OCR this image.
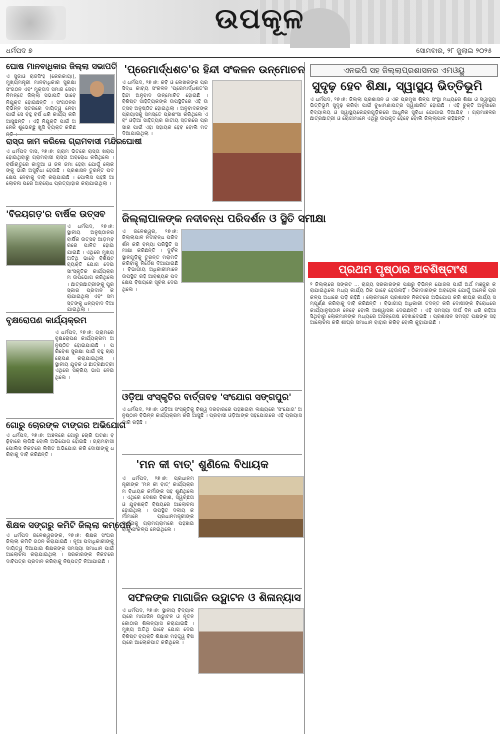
ଉପକୂଳ
ଧର୍ମପଦ ୭	ସୋମବାର, ୨୮ ଜୁଲାଇ ୨୦୨୫
ଘୋଷ ମାନବାଧିକାର ଜିଲ୍ଲା ସଭାପତି
ଏ ସୁଜାଓ ରାଜସିଂହ (କେରକାୟା), ମୁଖ୍ୟମନ୍ତ୍ରୀ ମାନବାଧିକାର ସୁରକ୍ଷା ସଂଗଠନ ଏବଂ ମୁକ୍ତାଦ ସମାଜ ସେବା ନିମନ୍ତେ ଜିଲ୍ଲା ସଭାପତି ଭାବେ ନିଯୁକ୍ତ ହୋଇଛନ୍ତି । ସଂଗଠନର ବିଭିନ୍ନ ସ୍ତରରେ ଦାୟିତ୍ୱ ନେବା ପାଇଁ ସେ ବହୁ ବର୍ଷ ଧରି କାର୍ଯ୍ୟ କରି ଆସୁଛନ୍ତି । ଏହି ନିଯୁକ୍ତି ପାଇଁ ଅନେକ ଶୁଭେଚ୍ଛୁ ଖୁସି ବ୍ୟକ୍ତ କରିଛନ୍ତି ।
ରାସ୍ତା ଜାମ କରିଲେ ଗ୍ରାମବାସୀ ମନ୍ଦିରଘୋଷୀ
ଏ ଧର୍ମପଦ ଦାସ, ୨୭।୭: ଗ୍ରାମ ଭିତରେ ରାସ୍ତା ଖରାପ ହୋଇଥିବାରୁ ଗ୍ରାମବାସୀ ରାସ୍ତା ଅବରୋଧ କରିଥିଲେ । ବର୍ଷାଋତୁରେ କାଦୁଆ ଓ ଜଳ ଜମା ହେବା ଯୋଗୁଁ ଲୋକଙ୍କୁ ଭାରି ଅସୁବିଧା ହେଉଛି । ପ୍ରଶାସନ ତୁରନ୍ତ ପଦକ୍ଷେପ ନେବାକୁ ଦାବି କରାଯାଇଛି । ପୋଲିସ ପହଞ୍ଚି ଆଲୋଚନା ପରେ ଅବରୋଧ ପ୍ରତ୍ୟାହାର କରାଯାଇଥିଲା ।
'ବିଜୟଗଡ଼'ର ବାର୍ଷିକ ଉତ୍ସବ
ଏ ଧର୍ମପଦ, ୨୭।୭: ସ୍ଥାନୀୟ ଅନୁଷ୍ଠାନର ବାର୍ଷିକ ଉତ୍ସବ ଆଡ଼ମ୍ବରରେ ପାଳିତ ହୋଇଯାଇଛି । ଏଥିରେ ମୁଖ୍ୟ ଅତିଥି ଭାବେ ବିଶିଷ୍ଟ ବ୍ୟକ୍ତି ଯୋଗ ଦେଇ ସାଂସ୍କୃତିକ କାର୍ଯ୍ୟକ୍ରମ ଉପଭୋଗ କରିଥିଲେ । ଛାତ୍ରଛାତ୍ରୀଙ୍କୁ ପୁରସ୍କାର ପ୍ରଦାନ କରାଯାଇଥିଲା ଏବଂ ସମସ୍ତଙ୍କୁ ଧନ୍ୟବାଦ ଦିଆଯାଇଥିଲା ।
ବୃକ୍ଷରୋପଣ କାର୍ଯ୍ୟକ୍ରମ
ଏ ଧର୍ମପଦ, ୨୭।୭: ଗ୍ରାମରେ ବୃକ୍ଷରୋପଣ କାର୍ଯ୍ୟକ୍ରମ ଅନୁଷ୍ଠିତ ହୋଇଯାଇଛି । ପରିବେଶ ସୁରକ୍ଷା ପାଇଁ ବହୁ ଚାରା ରୋପଣ କରାଯାଇଥିଲା । ସ୍ଥାନୀୟ ଯୁବକ ଓ ଛାତ୍ରଛାତ୍ରୀ ଏଥିରେ ସକ୍ରିୟ ଭାଗ ନେଇଥିଲେ ।
ଗୋରୁ ଚୋରଙ୍କ ଟାଙ୍ଗର ଅଭିଯୋଗ
ଏ ଧର୍ମପଦ, ୨୭।୭: ଅଞ୍ଚଳରେ ଗୋରୁ ଚୋରି ଘଟଣା ବଢ଼ିବାରେ ଲାଗିଛି ବୋଲି ଅଭିଯୋଗ ହୋଇଛି । ଗ୍ରାମବାସୀ ପୋଲିସ ନିକଟରେ ଲିଖିତ ଅଭିଯୋଗ କରି ଦୋଷୀଙ୍କୁ ଧରିବାକୁ ଦାବି କରିଛନ୍ତି ।
ଶିକ୍ଷକ ସଙ୍ଗରୁ କମିଟି ଜିଲ୍ଲା କମ୍ପେନ୍
ଏ ଧର୍ମପଦ ଜଳେଶ୍ୱରଙ୍କ, ୨୭।୭: ଶିକ୍ଷକ ସଂଘର ଜିଲ୍ଲା କମିଟି ଗଠନ କରାଯାଇଛି । ନୂଆ ପଦାଧିକାରୀଙ୍କୁ ଦାୟିତ୍ୱ ଦିଆଯାଇ ଶିକ୍ଷକଙ୍କ ସମସ୍ୟା ସମାଧାନ ପାଇଁ ଆଲୋଚନା କରାଯାଇଥିଲା । ସରକାରଙ୍କ ନିକଟରେ ଦାବିପତ୍ର ପ୍ରଦାନ କରିବାକୁ ନିଷ୍ପତ୍ତି ନିଆଯାଇଛି ।
'ପ୍ରେମାର୍ଦ୍ଧଶତ'ର ହିନ୍ଦୀ ସଂକଳନ ଉନ୍ମୋଚନ
ଏ ଧର୍ମପଦ, ୨୭।୭: କବି ଓ ଲେଖକଙ୍କ ପ୍ରସିଦ୍ଧ କାବ୍ୟ ସଂକଳନ 'ପ୍ରେମାର୍ଦ୍ଧଶତ'ର ହିନ୍ଦୀ ଅନୁବାଦ ଉନ୍ମୋଚିତ ହୋଇଛି । ବିଶିଷ୍ଟ ସାହିତ୍ୟିକଙ୍କ ଉପସ୍ଥିତିରେ ଏହି ଉତ୍ସବ ଅନୁଷ୍ଠିତ ହୋଇଥିଲା । ଅନୁବାଦକଙ୍କ ପ୍ରୟାସକୁ ସମସ୍ତେ ପ୍ରଶଂସା କରିଥିଲେ ଏବଂ ଓଡ଼ିଆ ସାହିତ୍ୟର ଜାତୀୟ ସ୍ତରରେ ପ୍ରସାର ପାଇଁ ଏହା ସହାୟକ ହେବ ବୋଲି ମତ ଦିଆଯାଇଥିଲା ।
ଜିଲ୍ଲାପାଳଙ୍କ ନଦୀବନ୍ଧ ପରିଦର୍ଶନ ଓ ସ୍ଥିତି ସମୀକ୍ଷା
ଏ ଜଳେଶ୍ୱର, ୨୭।୭: ଜିଲ୍ଲାପାଳ ନଦୀବନ୍ଧ ପରିଦର୍ଶନ କରି ବନ୍ୟା ପରିସ୍ଥିତି ସମୀକ୍ଷା କରିଛନ୍ତି । ଦୁର୍ବଳ ସ୍ଥାନଗୁଡ଼ିକୁ ତୁରନ୍ତ ମରାମତି କରିବାକୁ ନିର୍ଦ୍ଦେଶ ଦିଆଯାଇଛି । ବିଭାଗୀୟ ଅଧିକାରୀମାନେ ଉପସ୍ଥିତ ରହି ଆବଶ୍ୟକ ପଦକ୍ଷେପ ବିଷୟରେ ସୂଚନା ଦେଇଥିଲେ ।
ଓଡ଼ିଆ ସଂସ୍କୃତିର ବାର୍ତ୍ତାବହ 'ସଂଯୋଗ ସଙ୍ଗପୁର'
ଏ ଧର୍ମପଦ, ୨୭।୭: ଓଡ଼ିଆ ସଂସ୍କୃତିକୁ ବିଶ୍ୱ ଦରବାରରେ ପହଞ୍ଚାଇବା ଲକ୍ଷ୍ୟରେ 'ସଂଯୋଗ' ଅନୁଷ୍ଠାନ ବିଭିନ୍ନ କାର୍ଯ୍ୟକ୍ରମ କରି ଆସୁଛି । ପ୍ରବାସୀ ଓଡ଼ିଆଙ୍କ ସହଯୋଗରେ ଏହି ପ୍ରୟାସ ଜାରି ରହିଛି ।
'ମନ କୀ ବାତ୍' ଶୁଣିଲେ ବିଧାୟକ
ଏ ଧର୍ମପଦ, ୨୭।୭: ପ୍ରଧାନମନ୍ତ୍ରୀଙ୍କ 'ମନ କୀ ବାତ୍' କାର୍ଯ୍ୟକ୍ରମ ବିଧାୟକ କର୍ମୀଙ୍କ ସହ ଶୁଣିଥିଲେ । ଏଥିରେ ଦେଶର ବିକାଶ, ସ୍ୱଚ୍ଛତା ଓ ଯୁବଶକ୍ତି ବିଷୟରେ ଆଲୋଚନା ହୋଇଥିଲା । ଉପସ୍ଥିତ ଦଳୀୟ କର୍ମୀମାନେ ପ୍ରଧାନମନ୍ତ୍ରୀଙ୍କ ବାର୍ତ୍ତାକୁ ଗ୍ରାମଗ୍ରାମରେ ପହଞ୍ଚାଇବାକୁ ସଂକଳ୍ପ ନେଇଥିଲେ ।
ସଫଳଙ୍କ ମାଗାଜିନ ଉଦ୍ଘାଟନ ଓ ଶିଳାନ୍ୟାସ
ଏ ଧର୍ମପଦ, ୨୭।୭: ସ୍ଥାନୀୟ ବିଦ୍ୟାଳୟରେ ମାଗାଜିନ ଉଦ୍ଘାଟନ ଓ ନୂତନ କୋଠାର ଶିଳାନ୍ୟାସ କରାଯାଇଛି । ମୁଖ୍ୟ ଅତିଥି ଭାବେ ଯୋଗ ଦେଇ ବିଶିଷ୍ଟ ବ୍ୟକ୍ତି ଶିକ୍ଷାର ମହତ୍ତ୍ୱ ବିଷୟରେ ଆଲୋକପାତ କରିଥିଲେ ।
ଏନଇପି ସହ ଜିଲ୍ଲାପ୍ରଶାସନର ଏମଓୟୁ
ସୁଦୃଢ଼ ହେବ ଶିକ୍ଷା, ସ୍ୱାସ୍ଥ୍ୟ ଭିତ୍ତିଭୂମି
ଏ ଧର୍ମପଦ, ୨୭।୭: ଜିଲ୍ଲା ପ୍ରଶାସନ ଓ ଏକ ପ୍ରମୁଖ ଶିଳ୍ପ ସଂସ୍ଥା ମଧ୍ୟରେ ଶିକ୍ଷା ଓ ସ୍ୱାସ୍ଥ୍ୟ ଭିତ୍ତିଭୂମି ସୁଦୃଢ଼ କରିବା ପାଇଁ ବୁଝାମଣାପତ୍ର ସ୍ୱାକ୍ଷରିତ ହୋଇଛି । ଏହି ଚୁକ୍ତି ଅନୁସାରେ ବିଦ୍ୟାଳୟ ଓ ସ୍ୱାସ୍ଥ୍ୟକେନ୍ଦ୍ରଗୁଡ଼ିକରେ ଆଧୁନିକ ସୁବିଧା ଯୋଗାଇ ଦିଆଯିବ । ଗ୍ରାମାଞ୍ଚଳର ଛାତ୍ରଛାତ୍ରୀ ଓ ରୋଗୀମାନେ ଏଥିରୁ ଉପକୃତ ହେବେ ବୋଲି ଜିଲ୍ଲାପାଳ କହିଛନ୍ତି ।
ପ୍ରଥମ ପୃଷ୍ଠାର ଅବଶିଷ୍ଟାଂଶ
୨ ଜିଲ୍ଲାରେ ସଙ୍କଟ ... ରାଜ୍ୟ ସରକାରଙ୍କ ପକ୍ଷରୁ ବିଭିନ୍ନ ଯୋଜନା ପାଇଁ ଅର୍ଥ ମଞ୍ଜୁର କରାଯାଇଥିଲେ ମଧ୍ୟ କାର୍ଯ୍ୟ ଠିକ ଭାବେ ହେଉନାହିଁ । ଠିକାଦାରଙ୍କ ଅବହେଳା ଯୋଗୁଁ ଅନେକ ପ୍ରକଳ୍ପ ଅଧାରେ ପଡ଼ି ରହିଛି । ଲୋକମାନେ ପ୍ରଶାସନ ନିକଟରେ ଅଭିଯୋଗ କରି ଶୀଘ୍ର କାର୍ଯ୍ୟ ସମ୍ପୂର୍ଣ୍ଣ କରିବାକୁ ଦାବି କରିଛନ୍ତି । ବିଭାଗୀୟ ଅଧିକାରୀ ତଦନ୍ତ କରି ଦୋଷୀଙ୍କ ବିରୋଧରେ କାର୍ଯ୍ୟାନୁଷ୍ଠାନ ନେବେ ବୋଲି ଆଶ୍ୱାସନା ଦେଇଛନ୍ତି । ଏହି ସମସ୍ୟା ଦୀର୍ଘ ଦିନ ଧରି ରହିଆସିଥିବାରୁ ଲୋକମାନଙ୍କ ମଧ୍ୟରେ ଅସନ୍ତୋଷ ଦେଖାଦେଇଛି । ପ୍ରଶାସନ ସମସ୍ତ ପକ୍ଷଙ୍କ ସହ ଆଲୋଚନା କରି ଶୀଘ୍ର ସମାଧାନ ବାହାର କରିବ ବୋଲି କୁହାଯାଇଛି ।
